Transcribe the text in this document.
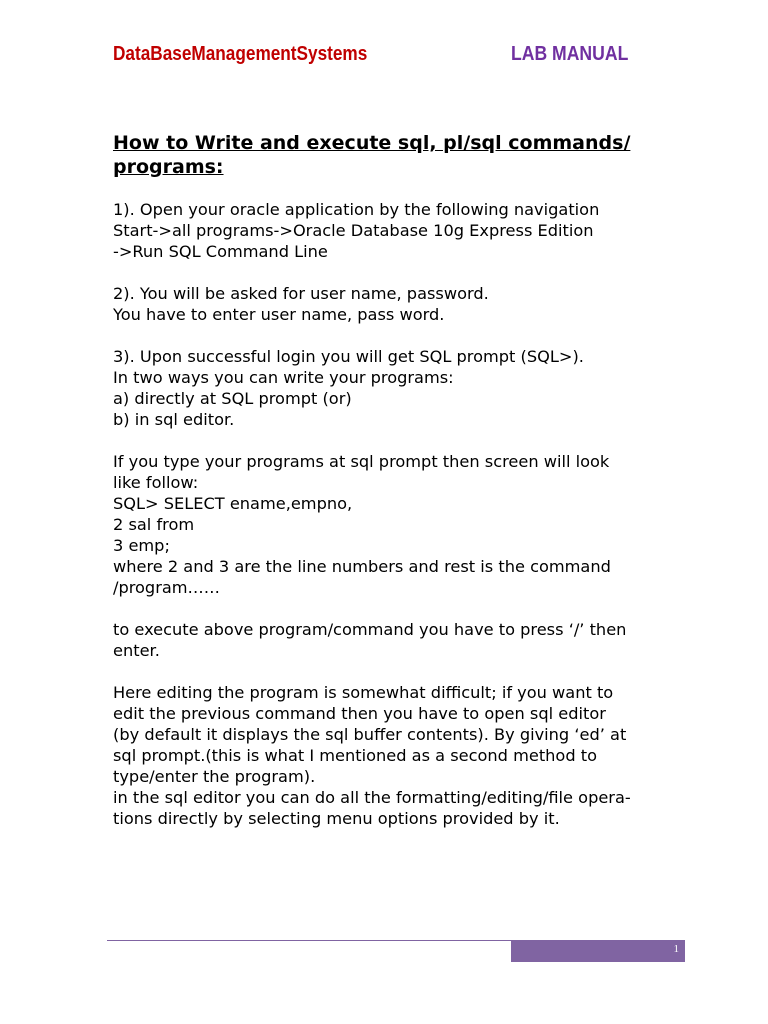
DataBaseManagementSystems	LAB MANUAL
How to Write and execute sql, pl/sql commands/
programs:
1). Open your oracle application by the following navigation
Start->all programs->Oracle Database 10g Express Edition
->Run SQL Command Line
2). You will be asked for user name, password.
You have to enter user name, pass word.
3). Upon successful login you will get SQL prompt (SQL>).
In two ways you can write your programs:
a) directly at SQL prompt (or)
b) in sql editor.
If you type your programs at sql prompt then screen will look
like follow:
SQL> SELECT ename,empno,
2 sal from
3 emp;
where 2 and 3 are the line numbers and rest is the command
/program……
to execute above program/command you have to press ‘/’ then
enter.
Here editing the program is somewhat difficult; if you want to
edit the previous command then you have to open sql editor
(by default it displays the sql buffer contents). By giving ‘ed’ at
sql prompt.(this is what I mentioned as a second method to
type/enter the program).
in the sql editor you can do all the formatting/editing/file opera-
tions directly by selecting menu options provided by it.
1
